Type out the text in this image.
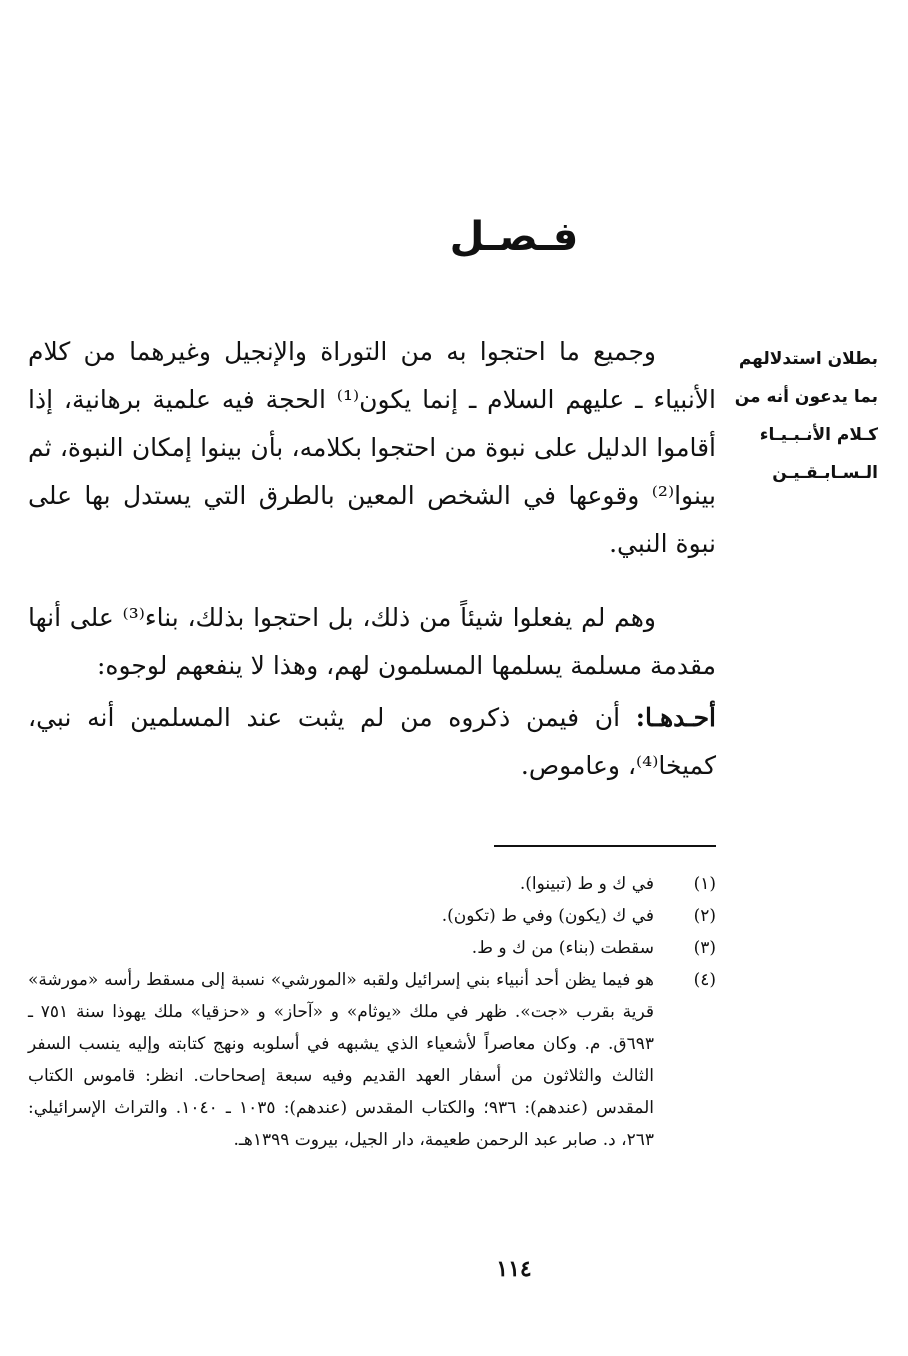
فـصـل
بطلان استدلالهم
بما يدعون أنه من
كـلام الأنـبـيـاء
الـسـابـقـيـن

وجميع ما احتجوا به من التوراة والإنجيل وغيرهما من كلام الأنبياء ـ عليهم السلام ـ إنما يكون⁽¹⁾ الحجة فيه علمية برهانية، إذا أقاموا الدليل على نبوة من احتجوا بكلامه، بأن بينوا إمكان النبوة، ثم بينوا⁽²⁾ وقوعها في الشخص المعين بالطرق التي يستدل بها على نبوة النبي.

وهم لم يفعلوا شيئاً من ذلك، بل احتجوا بذلك، بناء⁽³⁾ على أنها مقدمة مسلمة يسلمها المسلمون لهم، وهذا لا ينفعهم لوجوه:

أحـدهـا: أن فيمن ذكروه من لم يثبت عند المسلمين أنه نبي، كميخا⁽⁴⁾، وعاموص.

(١)
في ك و ط (تبينوا).
(٢)
في ك (يكون) وفي ط (تكون).
(٣)
سقطت (بناء) من ك و ط.
(٤)
هو فيما يظن أحد أنبياء بني إسرائيل ولقبه «المورشي» نسبة إلى مسقط رأسه «مورشة» قرية بقرب «جت». ظهر في ملك «يوثام» و «آحاز» و «حزقيا» ملك يهوذا سنة ٧٥١ ـ ٦٩٣ق. م. وكان معاصراً لأشعياء الذي يشبهه في أسلوبه ونهج كتابته وإليه ينسب السفر الثالث والثلاثون من أسفار العهد القديم وفيه سبعة إصحاحات. انظر: قاموس الكتاب المقدس (عندهم): ٩٣٦؛ والكتاب المقدس (عندهم): ١٠٣٥ ـ ١٠٤٠. والتراث الإسرائيلي: ٢٦٣، د. صابر عبد الرحمن طعيمة، دار الجيل، بيروت ١٣٩٩هـ.
١١٤
